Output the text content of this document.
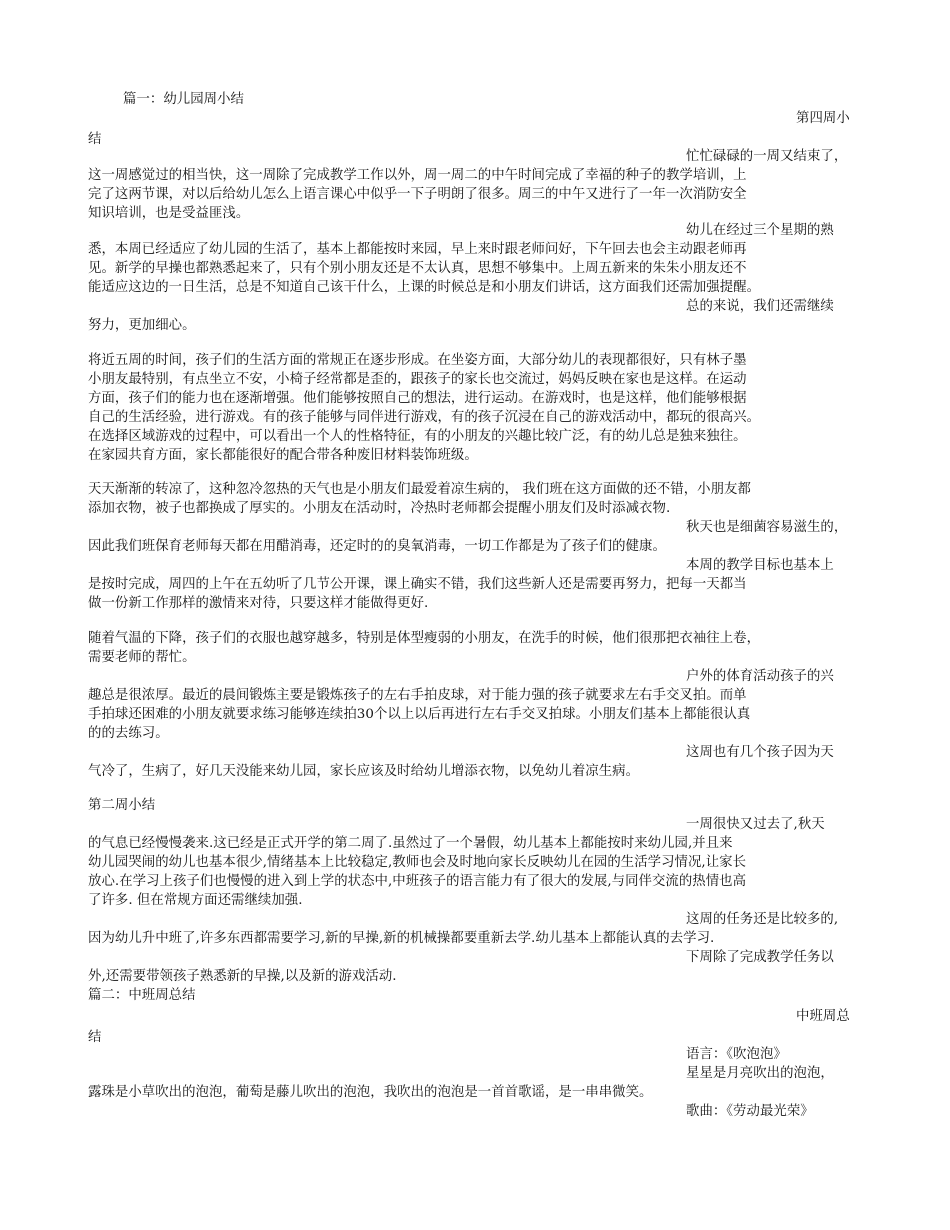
篇一：幼儿园周小结
第四周小
结
忙忙碌碌的一周又结束了，
这一周感觉过的相当快，这一周除了完成教学工作以外，周一周二的中午时间完成了幸福的种子的教学培训，上
完了这两节课，对以后给幼儿怎么上语言课心中似乎一下子明朗了很多。周三的中午又进行了一年一次消防安全
知识培训，也是受益匪浅。
幼儿在经过三个星期的熟
悉，本周已经适应了幼儿园的生活了，基本上都能按时来园，早上来时跟老师问好，下午回去也会主动跟老师再
见。新学的早操也都熟悉起来了，只有个别小朋友还是不太认真，思想不够集中。上周五新来的朱朱小朋友还不
能适应这边的一日生活，总是不知道自己该干什么，上课的时候总是和小朋友们讲话，这方面我们还需加强提醒。
总的来说，我们还需继续
努力，更加细心。
将近五周的时间，孩子们的生活方面的常规正在逐步形成。在坐姿方面，大部分幼儿的表现都很好，只有林子墨
小朋友最特别，有点坐立不安，小椅子经常都是歪的，跟孩子的家长也交流过，妈妈反映在家也是这样。在运动
方面，孩子们的能力也在逐渐增强。他们能够按照自己的想法，进行运动。在游戏时，也是这样，他们能够根据
自己的生活经验，进行游戏。有的孩子能够与同伴进行游戏，有的孩子沉浸在自己的游戏活动中，都玩的很高兴。
在选择区域游戏的过程中，可以看出一个人的性格特征，有的小朋友的兴趣比较广泛，有的幼儿总是独来独往。
在家园共育方面，家长都能很好的配合带各种废旧材料装饰班级。
天天渐渐的转凉了，这种忽冷忽热的天气也是小朋友们最爱着凉生病的， 我们班在这方面做的还不错，小朋友都
添加衣物，被子也都换成了厚实的。小朋友在活动时，冷热时老师都会提醒小朋友们及时添减衣物.
秋天也是细菌容易滋生的，
因此我们班保育老师每天都在用醋消毒，还定时的的臭氧消毒，一切工作都是为了孩子们的健康。
本周的教学目标也基本上
是按时完成，周四的上午在五幼听了几节公开课，课上确实不错，我们这些新人还是需要再努力，把每一天都当
做一份新工作那样的激情来对待，只要这样才能做得更好.
随着气温的下降，孩子们的衣服也越穿越多，特别是体型瘦弱的小朋友，在洗手的时候，他们很那把衣袖往上卷，
需要老师的帮忙。
户外的体育活动孩子的兴
趣总是很浓厚。最近的晨间锻炼主要是锻炼孩子的左右手拍皮球，对于能力强的孩子就要求左右手交叉拍。而单
手拍球还困难的小朋友就要求练习能够连续拍30个以上以后再进行左右手交叉拍球。小朋友们基本上都能很认真
的的去练习。
这周也有几个孩子因为天
气冷了，生病了，好几天没能来幼儿园，家长应该及时给幼儿增添衣物，以免幼儿着凉生病。
第二周小结
一周很快又过去了,秋天
的气息已经慢慢袭来.这已经是正式开学的第二周了.虽然过了一个暑假，幼儿基本上都能按时来幼儿园,并且来
幼儿园哭闹的幼儿也基本很少,情绪基本上比较稳定,教师也会及时地向家长反映幼儿在园的生活学习情况,让家长
放心.在学习上孩子们也慢慢的进入到上学的状态中,中班孩子的语言能力有了很大的发展,与同伴交流的热情也高
了许多. 但在常规方面还需继续加强.
这周的任务还是比较多的,
因为幼儿升中班了,许多东西都需要学习,新的早操,新的机械操都要重新去学.幼儿基本上都能认真的去学习.
下周除了完成教学任务以
外,还需要带领孩子熟悉新的早操,以及新的游戏活动.
篇二：中班周总结
中班周总
结
语言：《吹泡泡》
星星是月亮吹出的泡泡，
露珠是小草吹出的泡泡，葡萄是藤儿吹出的泡泡，我吹出的泡泡是一首首歌谣，是一串串微笑。
歌曲：《劳动最光荣》
